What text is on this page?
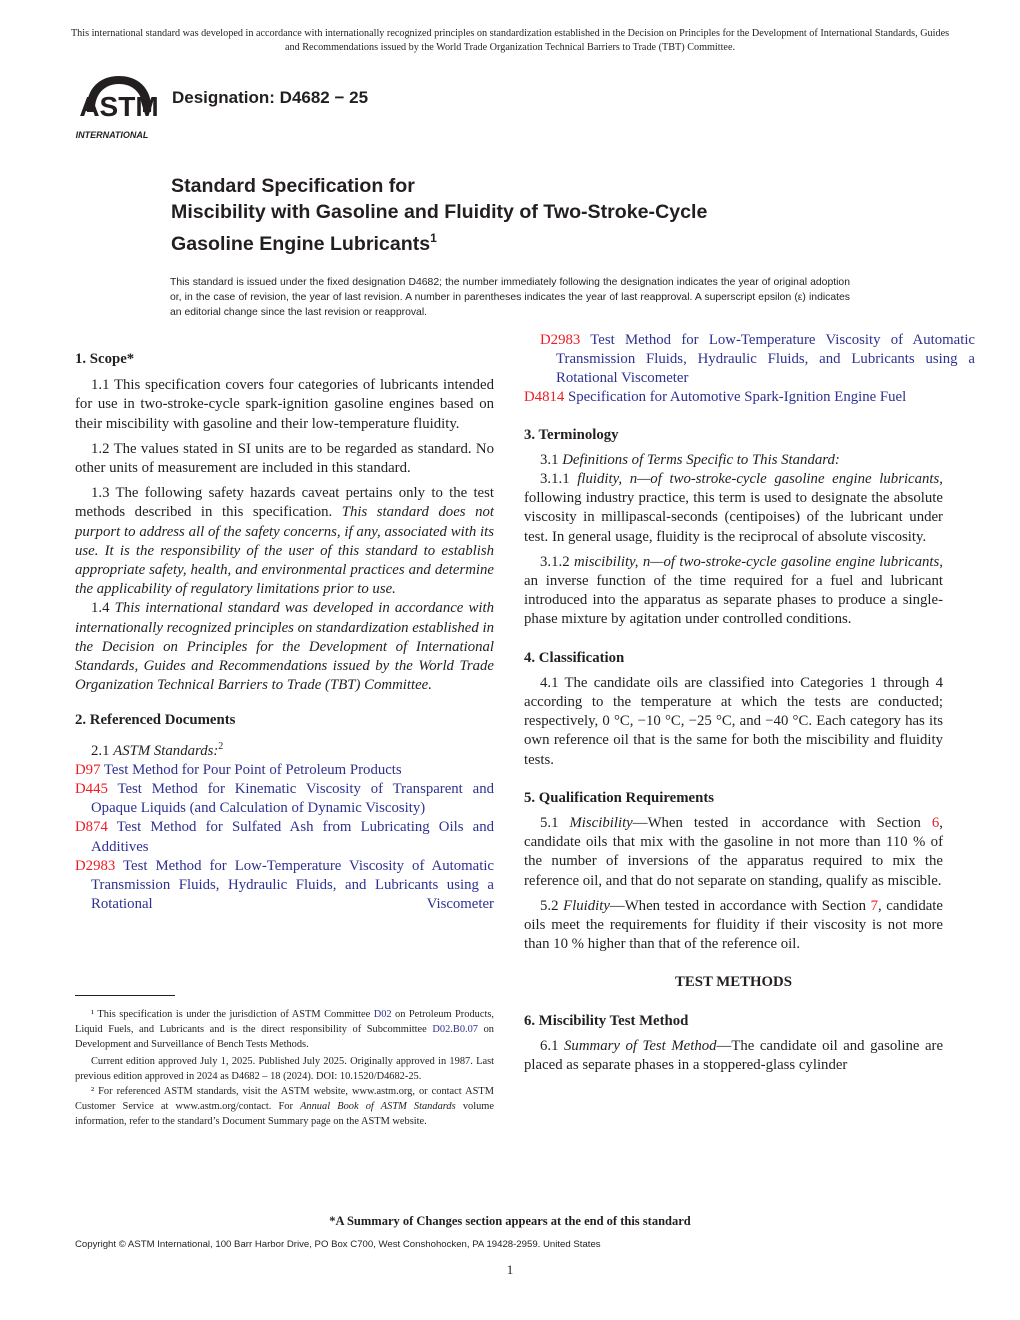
This international standard was developed in accordance with internationally recognized principles on standardization established in the Decision on Principles for the Development of International Standards, Guides and Recommendations issued by the World Trade Organization Technical Barriers to Trade (TBT) Committee.
ASTM
INTERNATIONAL
Designation: D4682 − 25
Standard Specification for
Miscibility with Gasoline and Fluidity of Two-Stroke-Cycle
Gasoline Engine Lubricants$^1$
This standard is issued under the fixed designation D4682; the number immediately following the designation indicates the year of original adoption or, in the case of revision, the year of last revision. A number in parentheses indicates the year of last reapproval. A superscript epsilon (ε) indicates an editorial change since the last revision or reapproval.

1. Scope*

1.1 This specification covers four categories of lubricants intended for use in two-stroke-cycle spark-ignition gasoline engines based on their miscibility with gasoline and their low-temperature fluidity.

1.2 The values stated in SI units are to be regarded as standard. No other units of measurement are included in this standard.

1.3 The following safety hazards caveat pertains only to the test methods described in this specification. This standard does not purport to address all of the safety concerns, if any, associated with its use. It is the responsibility of the user of this standard to establish appropriate safety, health, and environmental practices and determine the applicability of regulatory limitations prior to use.

1.4 This international standard was developed in accordance with internationally recognized principles on standardization established in the Decision on Principles for the Development of International Standards, Guides and Recommendations issued by the World Trade Organization Technical Barriers to Trade (TBT) Committee.

2. Referenced Documents

2.1 ASTM Standards:$^2$

D97 Test Method for Pour Point of Petroleum Products

D445 Test Method for Kinematic Viscosity of Transparent and Opaque Liquids (and Calculation of Dynamic Viscosity)

D874 Test Method for Sulfated Ash from Lubricating Oils and Additives

D2983 Test Method for Low-Temperature Viscosity of Automatic Transmission Fluids, Hydraulic Fluids, and Lubricants using a Rotational Viscometer

D2983 Test Method for Low-Temperature Viscosity of Automatic Transmission Fluids, Hydraulic Fluids, and Lubricants using a Rotational Viscometer

D4814 Specification for Automotive Spark-Ignition Engine Fuel

3. Terminology

3.1 Definitions of Terms Specific to This Standard:

3.1.1 fluidity, n—of two-stroke-cycle gasoline engine lubricants, following industry practice, this term is used to designate the absolute viscosity in millipascal-seconds (centipoises) of the lubricant under test. In general usage, fluidity is the reciprocal of absolute viscosity.

3.1.2 miscibility, n—of two-stroke-cycle gasoline engine lubricants, an inverse function of the time required for a fuel and lubricant introduced into the apparatus as separate phases to produce a single-phase mixture by agitation under controlled conditions.

4. Classification

4.1 The candidate oils are classified into Categories 1 through 4 according to the temperature at which the tests are conducted; respectively, 0 °C, −10 °C, −25 °C, and −40 °C. Each category has its own reference oil that is the same for both the miscibility and fluidity tests.

5. Qualification Requirements

5.1 Miscibility—When tested in accordance with Section 6, candidate oils that mix with the gasoline in not more than 110 % of the number of inversions of the apparatus required to mix the reference oil, and that do not separate on standing, qualify as miscible.

5.2 Fluidity—When tested in accordance with Section 7, candidate oils meet the requirements for fluidity if their viscosity is not more than 10 % higher than that of the reference oil.

TEST METHODS

6. Miscibility Test Method

6.1 Summary of Test Method—The candidate oil and gasoline are placed as separate phases in a stoppered-glass cylinder

¹ This specification is under the jurisdiction of ASTM Committee D02 on Petroleum Products, Liquid Fuels, and Lubricants and is the direct responsibility of Subcommittee D02.B0.07 on Development and Surveillance of Bench Tests Methods.

Current edition approved July 1, 2025. Published July 2025. Originally approved in 1987. Last previous edition approved in 2024 as D4682 – 18 (2024). DOI: 10.1520/D4682-25.

² For referenced ASTM standards, visit the ASTM website, www.astm.org, or contact ASTM Customer Service at www.astm.org/contact. For Annual Book of ASTM Standards volume information, refer to the standard’s Document Summary page on the ASTM website.

*A Summary of Changes section appears at the end of this standard
Copyright © ASTM International, 100 Barr Harbor Drive, PO Box C700, West Conshohocken, PA 19428-2959. United States
1
